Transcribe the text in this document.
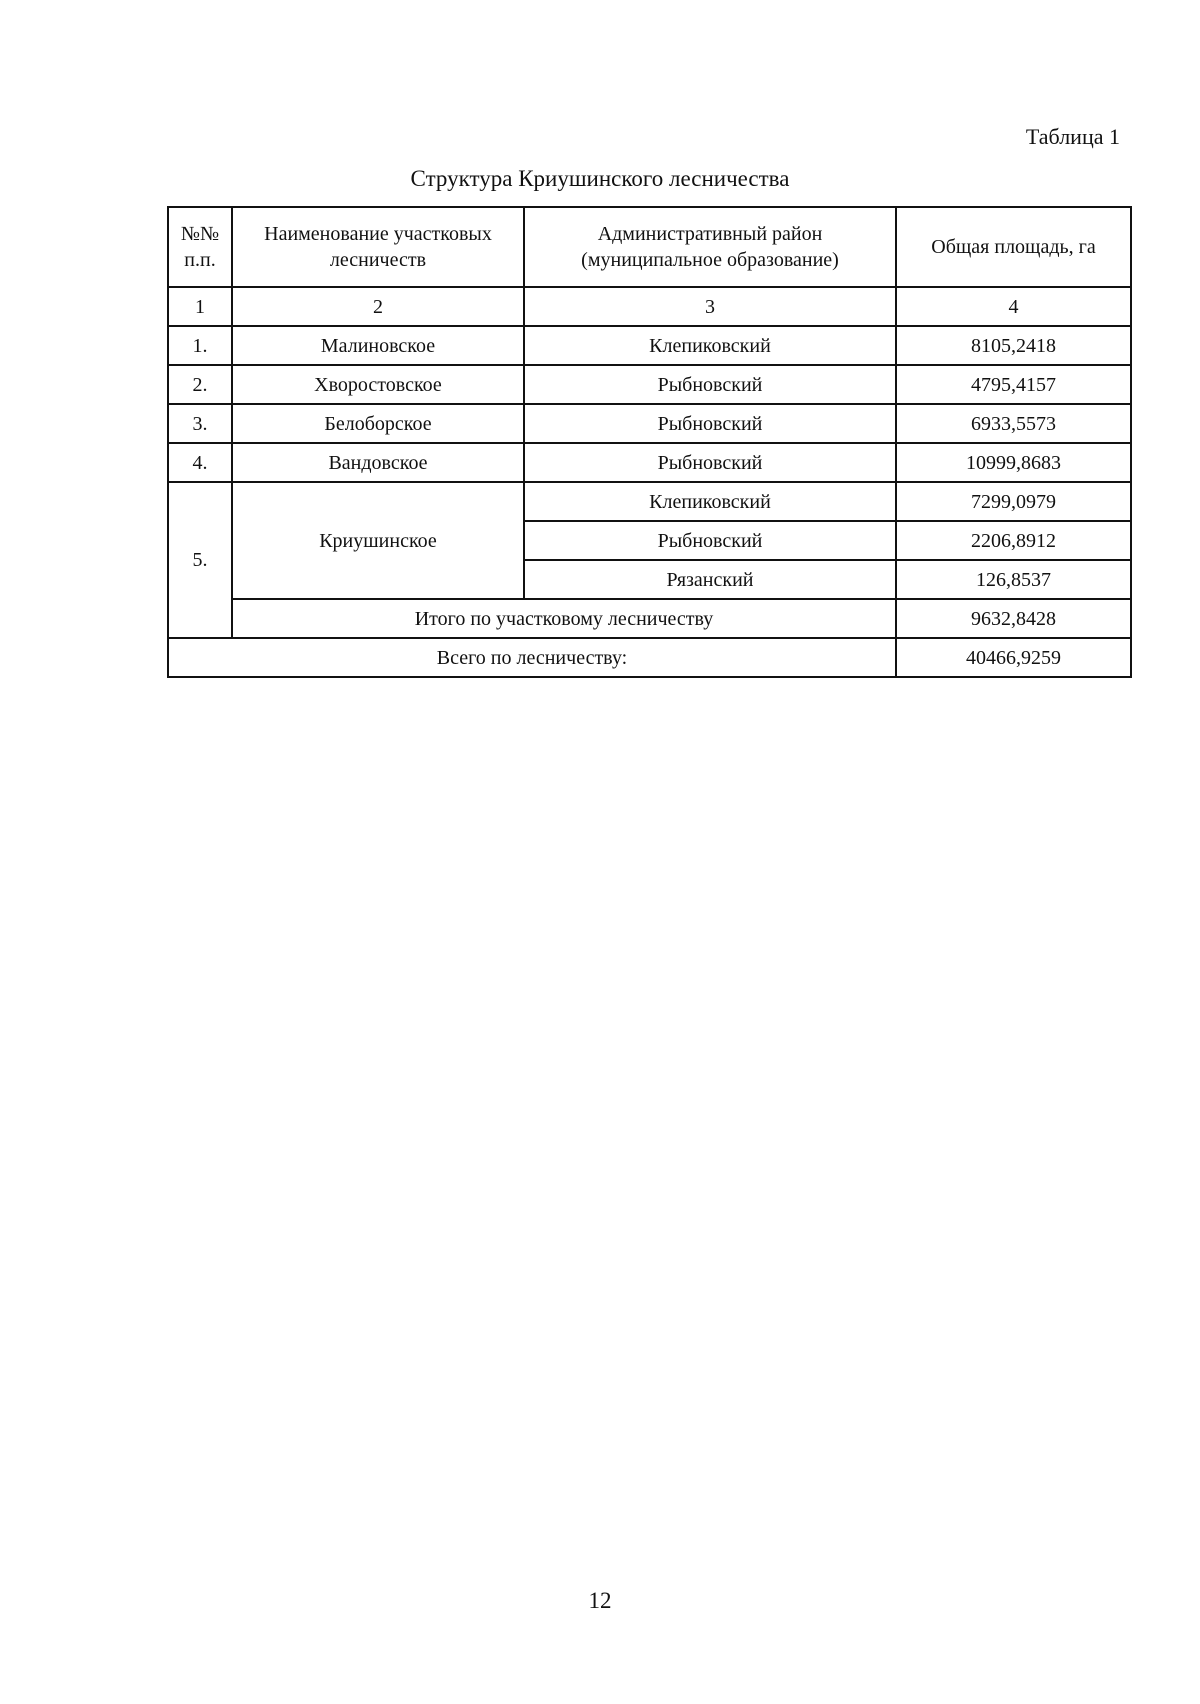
Таблица 1
Структура Криушинского лесничества
№№ п.п.	Наименование участковых лесничеств	Административный район (муниципальное образование)	Общая площадь, га
1	2	3	4
1.	Малиновское	Клепиковский	8105,2418
2.	Хворостовское	Рыбновский	4795,4157
3.	Белоборское	Рыбновский	6933,5573
4.	Вандовское	Рыбновский	10999,8683
5.	Криушинское	Клепиковский	7299,0979
		Рыбновский	2206,8912
		Рязанский	126,8537
	Итого по участковому лесничеству		9632,8428
Всего по лесничеству:			40466,9259
12
